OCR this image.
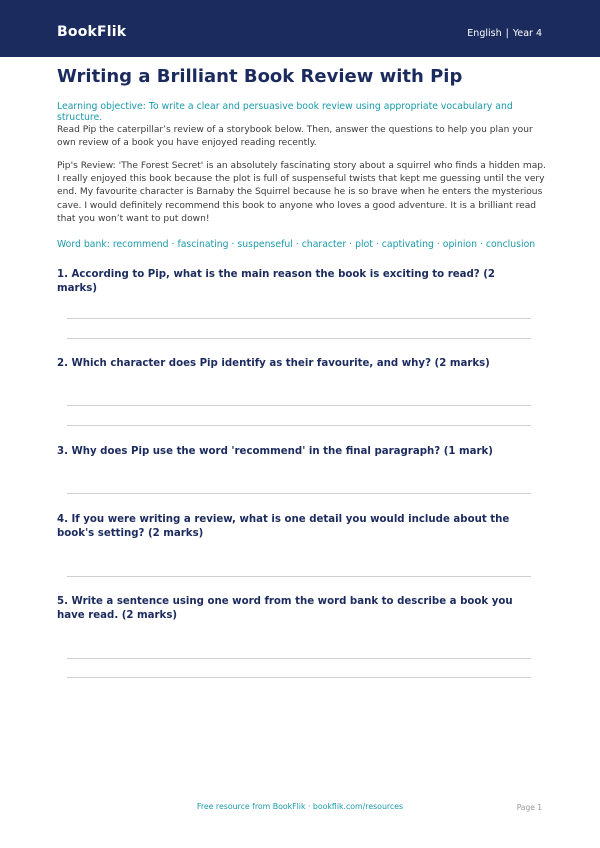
BookFlik	English | Year 4
Writing a Brilliant Book Review with Pip

Learning objective: To write a clear and persuasive book review using appropriate vocabulary and structure.

Read Pip the caterpillar’s review of a storybook below. Then, answer the questions to help you plan your own review of a book you have enjoyed reading recently.

Pip's Review: 'The Forest Secret' is an absolutely fascinating story about a squirrel who finds a hidden map. I really enjoyed this book because the plot is full of suspenseful twists that kept me guessing until the very end. My favourite character is Barnaby the Squirrel because he is so brave when he enters the mysterious cave. I would definitely recommend this book to anyone who loves a good adventure. It is a brilliant read that you won’t want to put down!

Word bank: recommend · fascinating · suspenseful · character · plot · captivating · opinion · conclusion

1. According to Pip, what is the main reason the book is exciting to read? (2 marks)

2. Which character does Pip identify as their favourite, and why? (2 marks)

3. Why does Pip use the word 'recommend' in the final paragraph? (1 mark)

4. If you were writing a review, what is one detail you would include about the book's setting? (2 marks)

5. Write a sentence using one word from the word bank to describe a book you have read. (2 marks)

Free resource from BookFlik · bookflik.com/resources	Page 1
